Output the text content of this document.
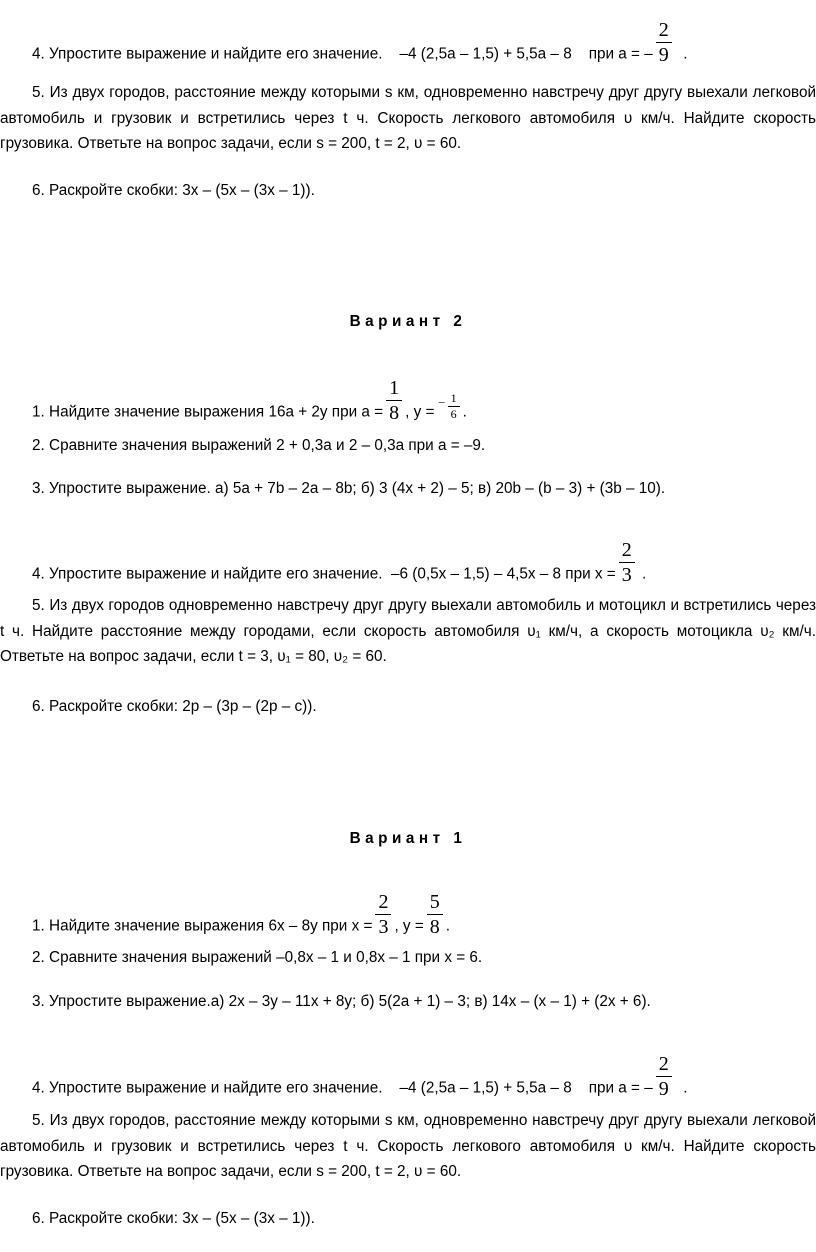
4. Упростите выражение и найдите его значение. –4 (2,5a – 1,5) + 5,5a – 8 при a = – $\frac{2}{9}$ .
5. Из двух городов, расстояние между которыми s км, одновременно навстречу друг другу выехали легковой автомобиль и грузовик и встретились через t ч. Скорость легкового автомобиля υ км/ч. Найдите скорость грузовика. Ответьте на вопрос задачи, если s = 200, t = 2, υ = 60.
6. Раскройте скобки: 3x – (5x – (3x – 1)).
Вариант 2
1. Найдите значение выражения 16a + 2y при $a = \frac{1}{8}$ , $y = ^- \frac{1}{6}$ .
2. Сравните значения выражений 2 + 0,3a и 2 – 0,3a при a = –9.
3. Упростите выражение. а) 5a + 7b – 2a – 8b; б) 3 (4x + 2) – 5; в) 20b – (b – 3) + (3b – 10).
4. Упростите выражение и найдите его значение. –6 (0,5x – 1,5) – 4,5x – 8 при $x = \frac{2}{3}$ .
5. Из двух городов одновременно навстречу друг другу выехали автомобиль и мотоцикл и встретились через t ч. Найдите расстояние между городами, если скорость автомобиля υ₁ км/ч, а скорость мотоцикла υ₂ км/ч. Ответьте на вопрос задачи, если t = 3, υ₁ = 80, υ₂ = 60.
6. Раскройте скобки: 2p – (3p – (2p – c)).
Вариант 1
1. Найдите значение выражения 6x – 8y при $x = \frac{2}{3}$ , $y = \frac{5}{8}$ .
2. Сравните значения выражений –0,8x – 1 и 0,8x – 1 при x = 6.
3. Упростите выражение.а) 2x – 3y – 11x + 8y; б) 5(2a + 1) – 3; в) 14x – (x – 1) + (2x + 6).
4. Упростите выражение и найдите его значение. –4 (2,5a – 1,5) + 5,5a – 8 при a = – $\frac{2}{9}$ .
5. Из двух городов, расстояние между которыми s км, одновременно навстречу друг другу выехали легковой автомобиль и грузовик и встретились через t ч. Скорость легкового автомобиля υ км/ч. Найдите скорость грузовика. Ответьте на вопрос задачи, если s = 200, t = 2, υ = 60.
6. Раскройте скобки: 3x – (5x – (3x – 1)).
